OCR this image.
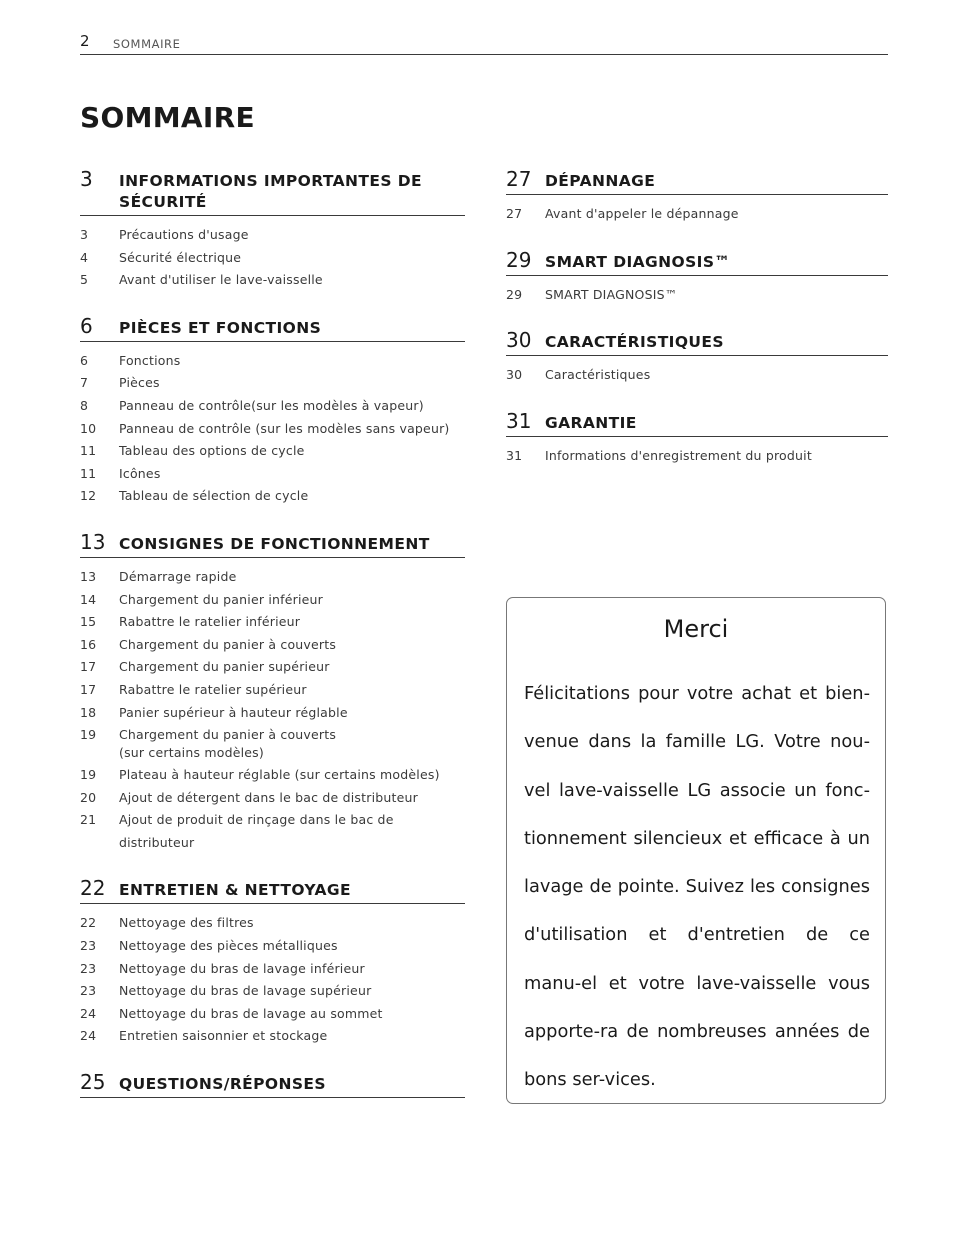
2 SOMMAIRE
SOMMAIRE
3	INFORMATIONS IMPORTANTES DE SÉCURITÉ
3	Précautions d'usage
4	Sécurité électrique
5	Avant d'utiliser le lave-vaisselle
6	PIÈCES ET FONCTIONS
6	Fonctions
7	Pièces
8	Panneau de contrôle(sur les modèles à vapeur)
10	Panneau de contrôle (sur les modèles sans vapeur)
11	Tableau des options de cycle
11	Icônes
12	Tableau de sélection de cycle
13 CONSIGNES DE FONCTIONNEMENT
13	Démarrage rapide
14	Chargement du panier inférieur
15	Rabattre le ratelier inférieur
16	Chargement du panier à couverts
17	Chargement du panier supérieur
17	Rabattre le ratelier supérieur
18	Panier supérieur à hauteur réglable
19	Chargement du panier à couverts
(sur certains modèles)
19	Plateau à hauteur réglable (sur certains modèles)
20	Ajout de détergent dans le bac de distributeur
21	Ajout de produit de rinçage dans le bac de
distributeur
22 ENTRETIEN & NETTOYAGE
22	Nettoyage des filtres
23	Nettoyage des pièces métalliques
23	Nettoyage du bras de lavage inférieur
23	Nettoyage du bras de lavage supérieur
24	Nettoyage du bras de lavage au sommet
24	Entretien saisonnier et stockage
25 QUESTIONS/RÉPONSES
27 DÉPANNAGE
27	Avant d'appeler le dépannage
29 SMART DIAGNOSIS™
29	SMART DIAGNOSIS™
30 CARACTÉRISTIQUES
30	Caractéristiques
31 GARANTIE
31	Informations d'enregistrement du produit
Merci
Félicitations pour votre achat et bien-venue dans la famille LG. Votre nou-vel lave-vaisselle LG associe un fonc-tionnement silencieux et efficace à un lavage de pointe. Suivez les consignes d'utilisation et d'entretien de ce manu-el et votre lave-vaisselle vous apporte-ra de nombreuses années de bons ser-vices.
